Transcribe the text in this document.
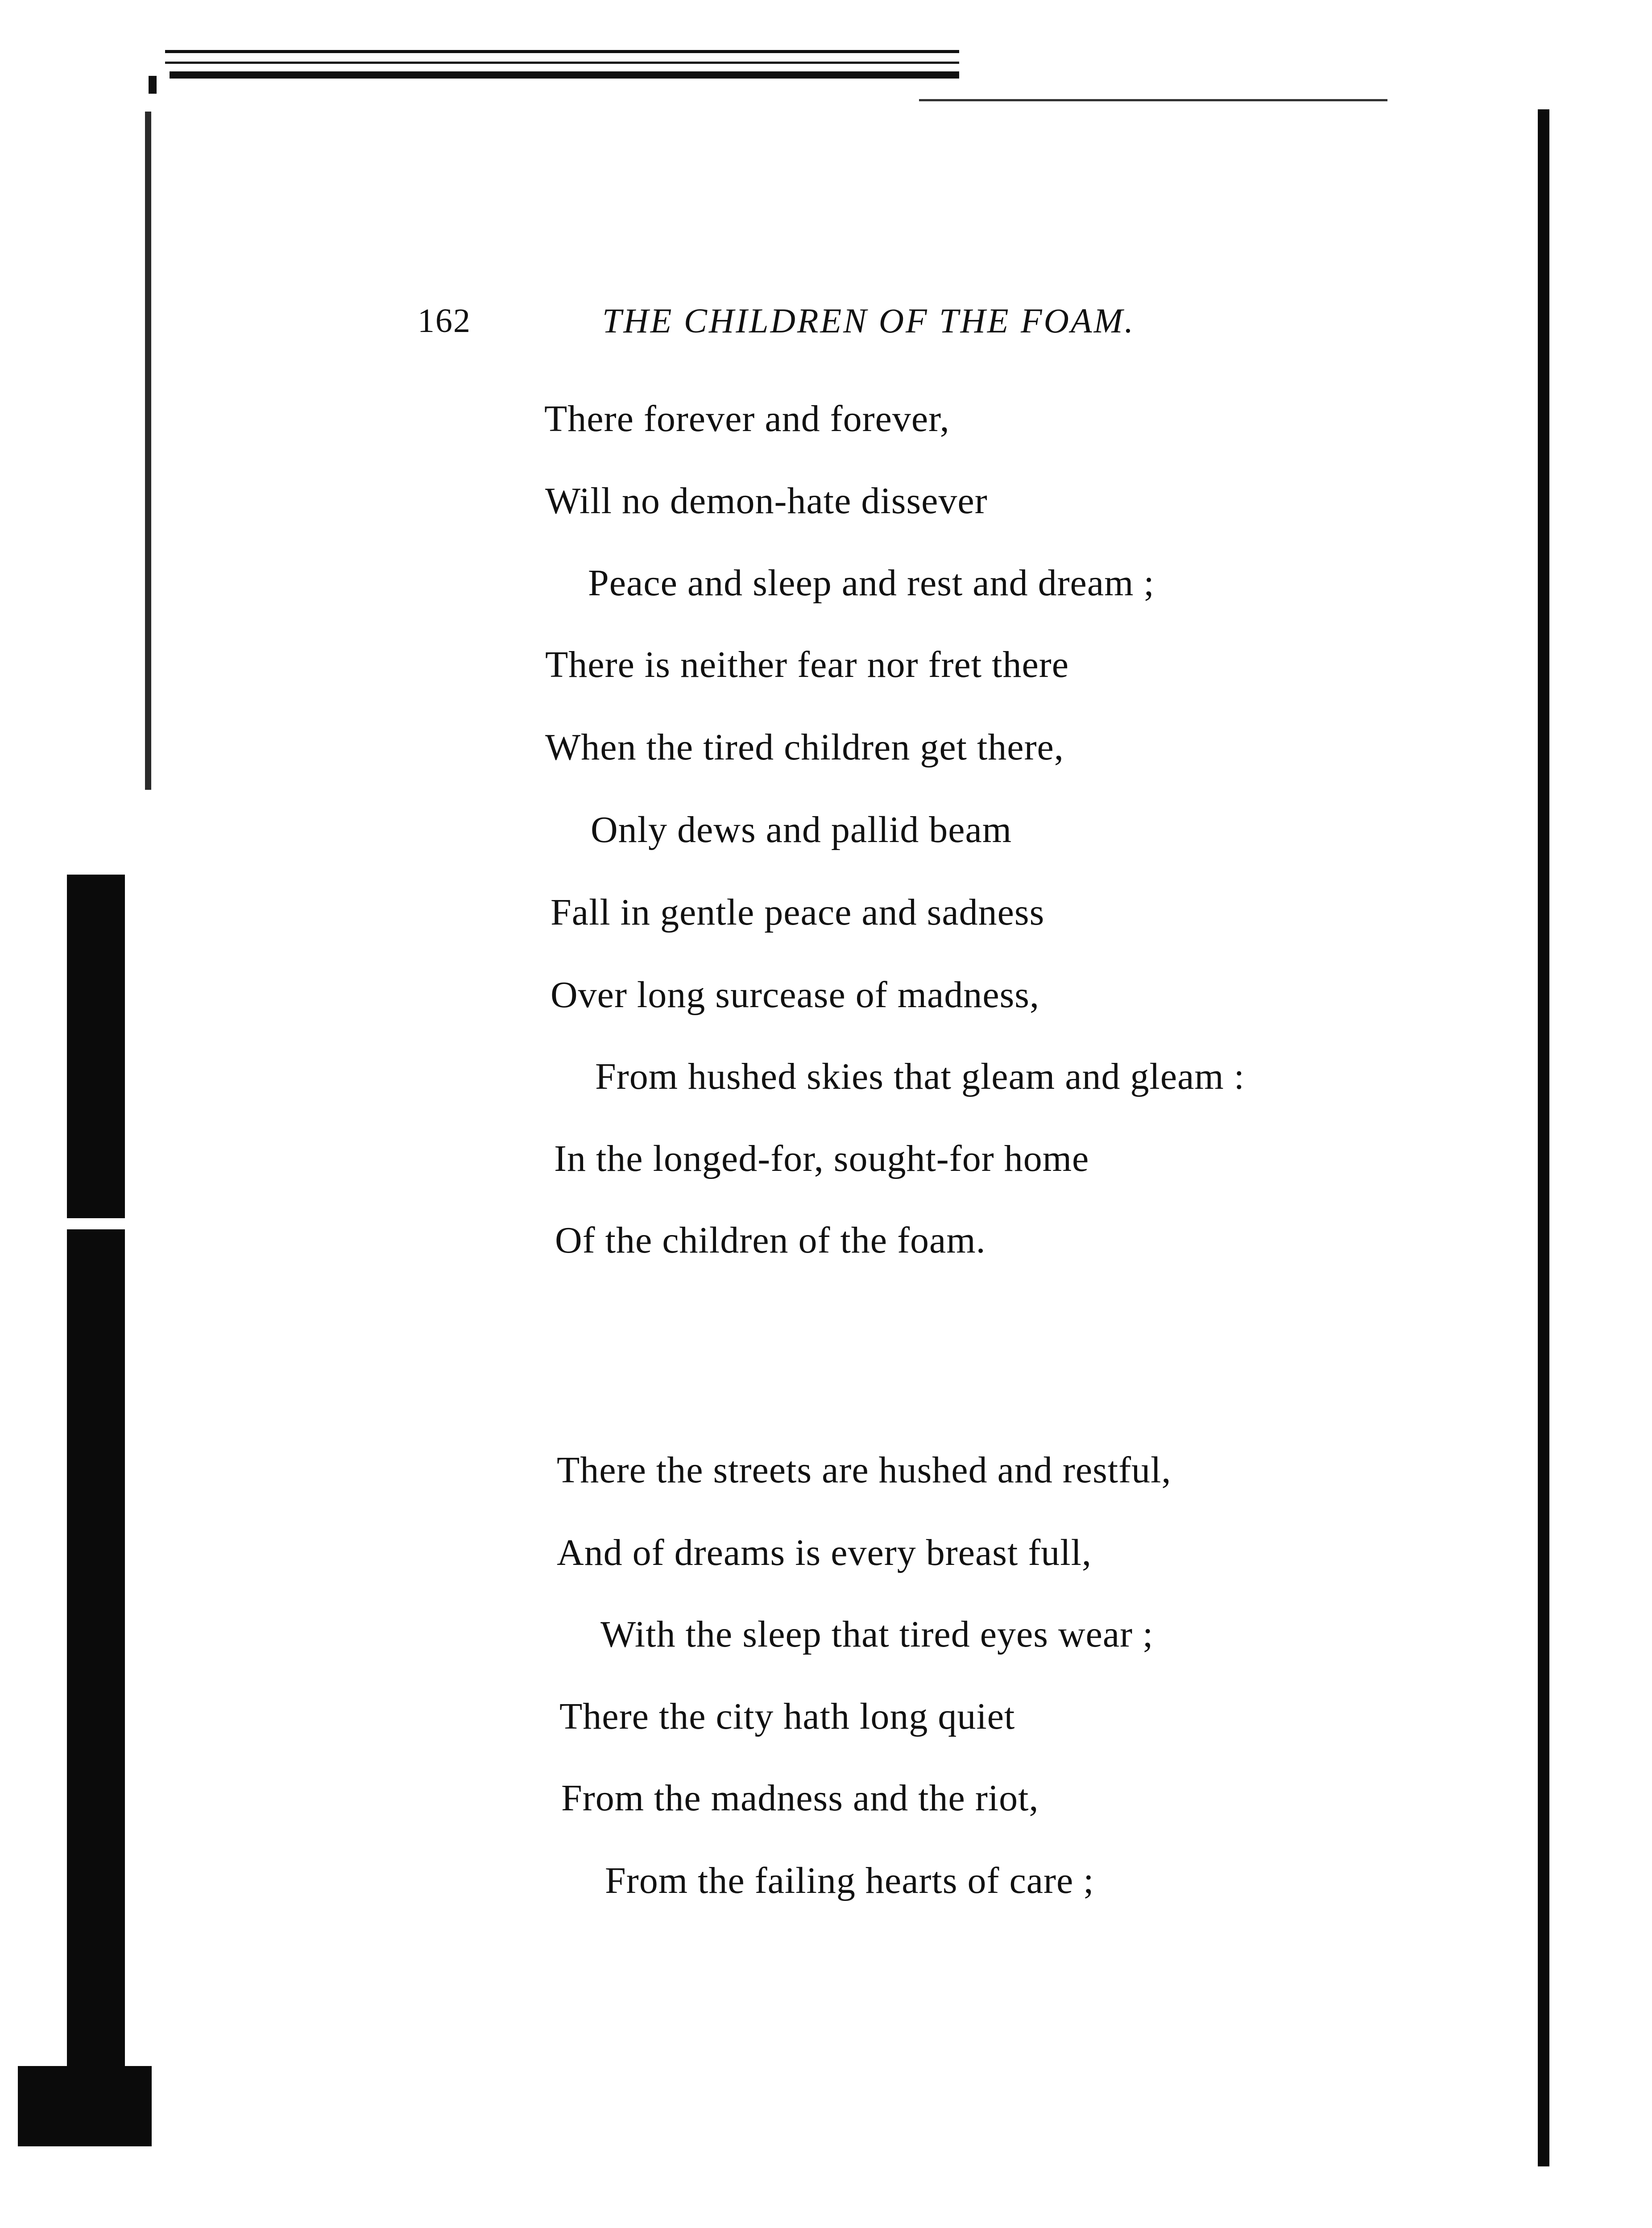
162	THE CHILDREN OF THE FOAM.
There forever and forever,
Will no demon-hate dissever
Peace and sleep and rest and dream ;
There is neither fear nor fret there
When the tired children get there,
Only dews and pallid beam
Fall in gentle peace and sadness
Over long surcease of madness,
From hushed skies that gleam and gleam :
In the longed-for, sought-for home
Of the children of the foam.
There the streets are hushed and restful,
And of dreams is every breast full,
With the sleep that tired eyes wear ;
There the city hath long quiet
From the madness and the riot,
From the failing hearts of care ;
